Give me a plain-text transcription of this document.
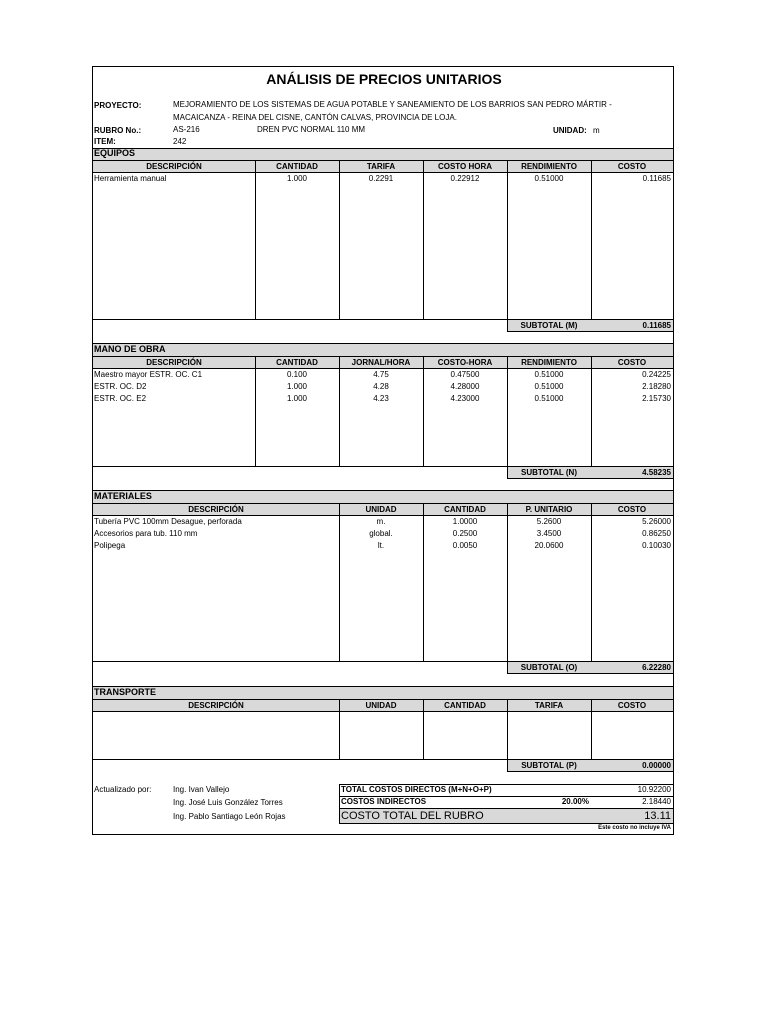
ANÁLISIS DE PRECIOS UNITARIOS
PROYECTO:	MEJORAMIENTO DE LOS SISTEMAS DE AGUA POTABLE Y SANEAMIENTO DE LOS BARRIOS SAN PEDRO MÁRTIR -
MACAICANZA - REINA DEL CISNE, CANTÓN CALVAS, PROVINCIA DE LOJA.
RUBRO No.:	AS-216	DREN PVC NORMAL 110 MM	UNIDAD: m
ITEM:	242
EQUIPOS
DESCRIPCIÓN	CANTIDAD	TARIFA	COSTO HORA	RENDIMIENTO	COSTO
Herramienta manual	1.000	0.2291	0.22912	0.51000	0.11685
SUBTOTAL (M)	0.11685
MANO DE OBRA
DESCRIPCIÓN	CANTIDAD	JORNAL/HORA	COSTO-HORA	RENDIMIENTO	COSTO
Maestro mayor ESTR. OC. C1	0.100	4.75	0.47500	0.51000	0.24225
ESTR. OC. D2	1.000	4.28	4.28000	0.51000	2.18280
ESTR. OC. E2	1.000	4.23	4.23000	0.51000	2.15730
SUBTOTAL (N)	4.58235
MATERIALES
DESCRIPCIÓN	UNIDAD	CANTIDAD	P. UNITARIO	COSTO
Tubería PVC 100mm Desague, perforada	m.	1.0000	5.2600	5.26000
Accesorios para tub. 110 mm	global.	0.2500	3.4500	0.86250
Polipega	lt.	0.0050	20.0600	0.10030
SUBTOTAL (O)	6.22280
TRANSPORTE
DESCRIPCIÓN	UNIDAD	CANTIDAD	TARIFA	COSTO
SUBTOTAL (P)	0.00000
Actualizado por:	Ing. Ivan Vallejo
Ing. José Luis González Torres
Ing. Pablo Santiago León Rojas
TOTAL COSTOS DIRECTOS (M+N+O+P)	10.92200
COSTOS INDIRECTOS	20.00%	2.18440
COSTO TOTAL DEL RUBRO	13.11
Este costo no incluye IVA
